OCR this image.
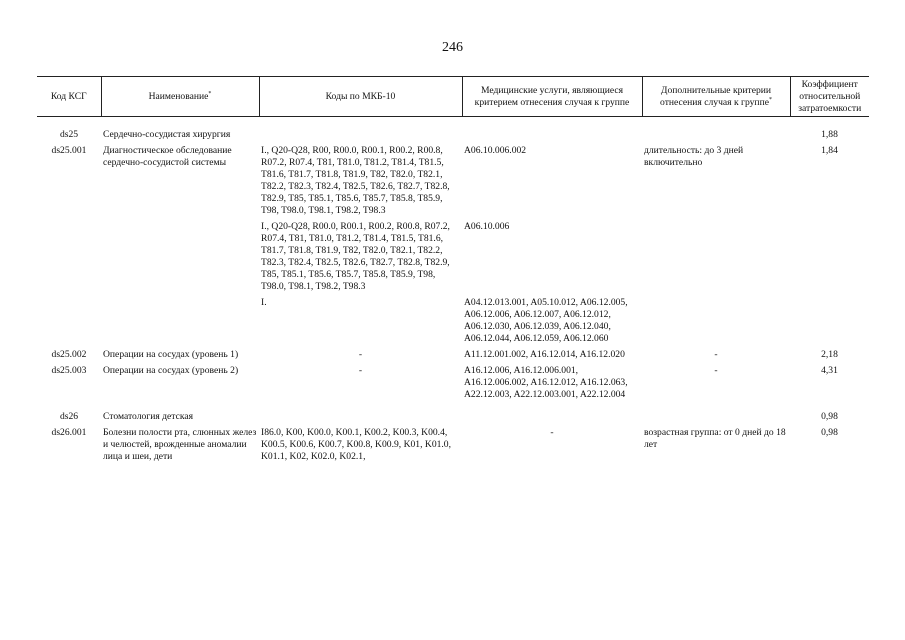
246
Код КСГ	Наименование*	Коды по МКБ-10	Медицинские услуги, являющиеся критерием отнесения случая к группе	Дополнительные критерии отнесения случая к группе*	Коэффициент относительной затратоемкости

ds25	Сердечно-сосудистая хирургия				1,88
ds25.001	Диагностическое обследование сердечно-сосудистой системы	I., Q20-Q28, R00, R00.0, R00.1, R00.2, R00.8, R07.2, R07.4, T81, T81.0, T81.2, T81.4, T81.5, T81.6, T81.7, T81.8, T81.9, T82, T82.0, T82.1, T82.2, T82.3, T82.4, T82.5, T82.6, T82.7, T82.8, T82.9, T85, T85.1, T85.6, T85.7, T85.8, T85.9, T98, T98.0, T98.1, T98.2, T98.3	A06.10.006.002	длительность: до 3 дней включительно	1,84
		I., Q20-Q28, R00.0, R00.1, R00.2, R00.8, R07.2, R07.4, T81, T81.0, T81.2, T81.4, T81.5, T81.6, T81.7, T81.8, T81.9, T82, T82.0, T82.1, T82.2, T82.3, T82.4, T82.5, T82.6, T82.7, T82.8, T82.9, T85, T85.1, T85.6, T85.7, T85.8, T85.9, T98, T98.0, T98.1, T98.2, T98.3	A06.10.006		
		I.	A04.12.013.001, A05.10.012, A06.12.005, A06.12.006, A06.12.007, A06.12.012, A06.12.030, A06.12.039, A06.12.040, A06.12.044, A06.12.059, A06.12.060		
ds25.002	Операции на сосудах (уровень 1)	-	A11.12.001.002, A16.12.014, A16.12.020	-	2,18
ds25.003	Операции на сосудах (уровень 2)	-	A16.12.006, A16.12.006.001, A16.12.006.002, A16.12.012, A16.12.063, A22.12.003, A22.12.003.001, A22.12.004	-	4,31

ds26	Стоматология детская				0,98
ds26.001	Болезни полости рта, слюнных желез и челюстей, врожденные аномалии лица и шеи, дети	I86.0, K00, K00.0, K00.1, K00.2, K00.3, K00.4, K00.5, K00.6, K00.7, K00.8, K00.9, K01, K01.0, K01.1, K02, K02.0, K02.1,	-	возрастная группа: от 0 дней до 18 лет	0,98
